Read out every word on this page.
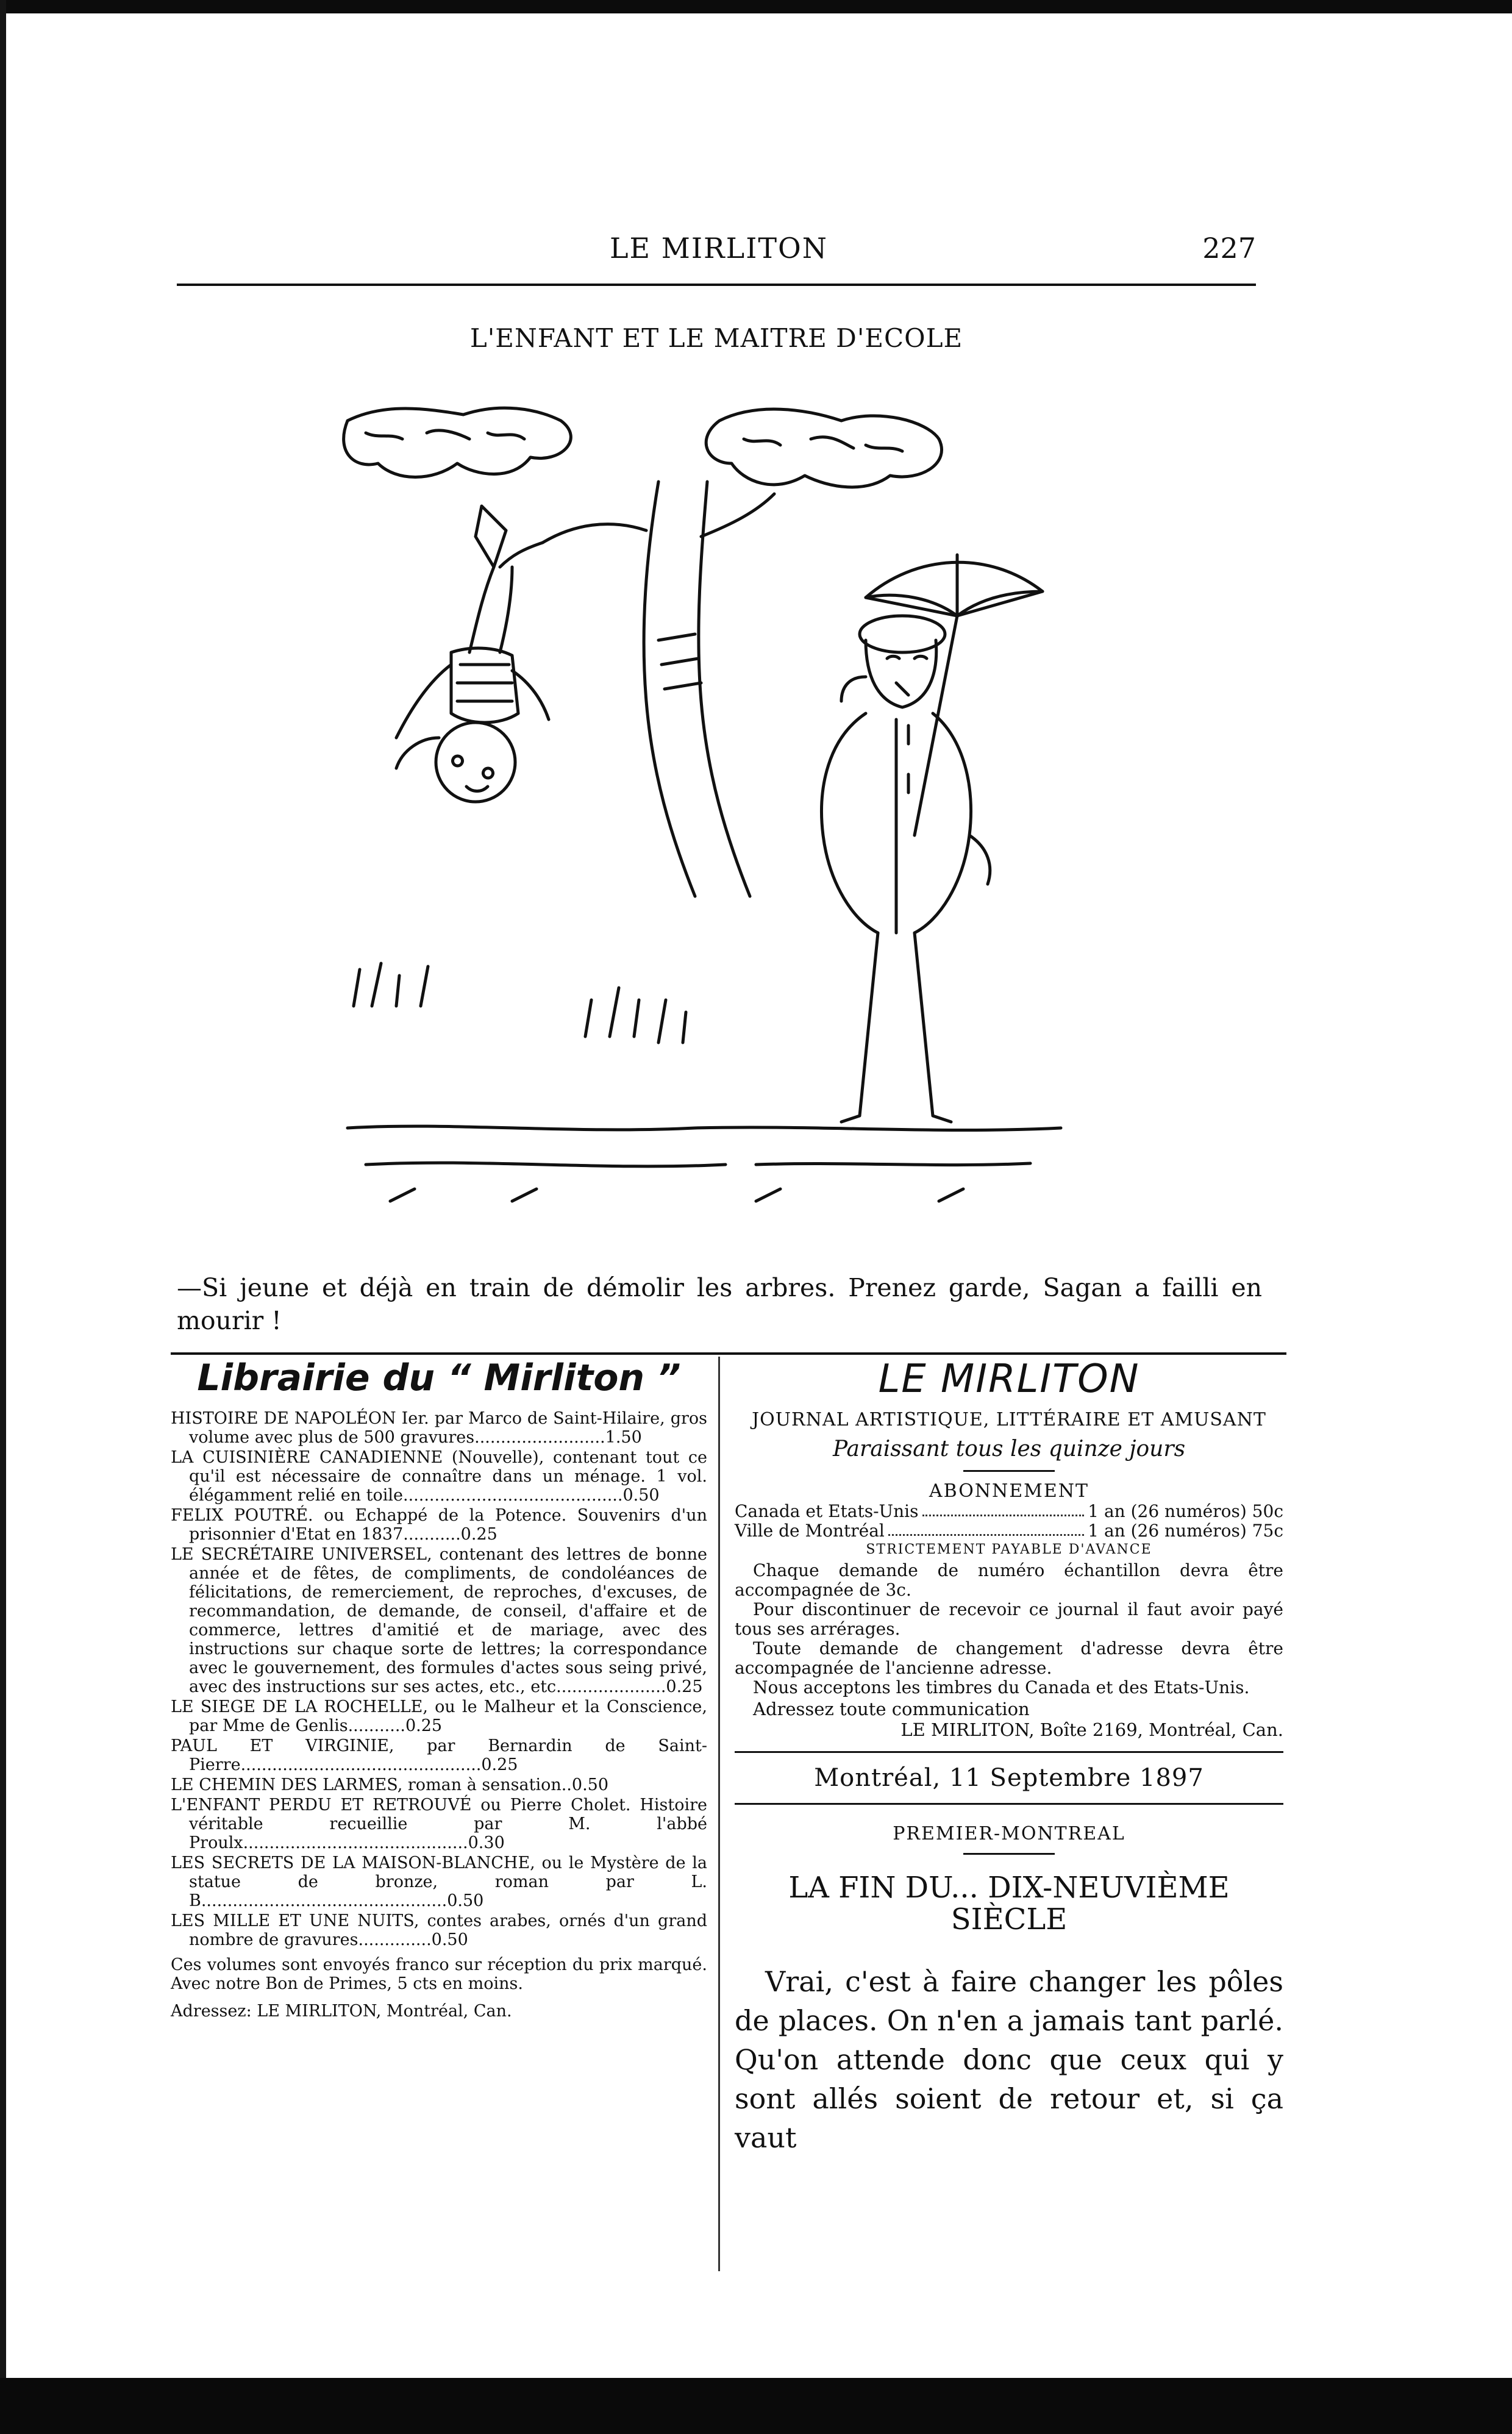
LE MIRLITON	227
L'ENFANT ET LE MAITRE D'ECOLE
—Si jeune et déjà en train de démolir les arbres. Prenez garde, Sagan a failli en mourir !
Librairie du “ Mirliton ”
HISTOIRE DE NAPOLÉON Ier. par Marco de Saint-Hilaire, gros volume avec plus de 500 gravures.........................1.50
LA CUISINIÈRE CANADIENNE (Nouvelle), contenant tout ce qu'il est nécessaire de connaître dans un ménage. 1 vol. élégamment relié en toile..........................................0.50
FELIX POUTRÉ. ou Echappé de la Potence. Souvenirs d'un prisonnier d'Etat en 1837...........0.25
LE SECRÉTAIRE UNIVERSEL, contenant des lettres de bonne année et de fêtes, de compliments, de condoléances de félicitations, de remerciement, de reproches, d'excuses, de recommandation, de demande, de conseil, d'affaire et de commerce, lettres d'amitié et de mariage, avec des instructions sur chaque sorte de lettres; la correspondance avec le gouvernement, des formules d'actes sous seing privé, avec des instructions sur ses actes, etc., etc.....................0.25
LE SIEGE DE LA ROCHELLE, ou le Malheur et la Conscience, par Mme de Genlis...........0.25
PAUL ET VIRGINIE, par Bernardin de Saint-Pierre..............................................0.25
LE CHEMIN DES LARMES, roman à sensation..0.50
L'ENFANT PERDU ET RETROUVÉ ou Pierre Cholet. Histoire véritable recueillie par M. l'abbé Proulx...........................................0.30
LES SECRETS DE LA MAISON-BLANCHE, ou le Mystère de la statue de bronze, roman par L. B...............................................0.50
LES MILLE ET UNE NUITS, contes arabes, ornés d'un grand nombre de gravures..............0.50
Ces volumes sont envoyés franco sur réception du prix marqué. Avec notre Bon de Primes, 5 cts en moins.
Adressez: LE MIRLITON, Montréal, Can.
LE MIRLITON
JOURNAL ARTISTIQUE, LITTÉRAIRE ET AMUSANT
Paraissant tous les quinze jours
ABONNEMENT
Canada et Etats-Unis	1 an (26 numéros) 50c
Ville de Montréal	1 an (26 numéros) 75c
STRICTEMENT PAYABLE D'AVANCE

Chaque demande de numéro échantillon devra être accompagnée de 3c.

Pour discontinuer de recevoir ce journal il faut avoir payé tous ses arrérages.

Toute demande de changement d'adresse devra être accompagnée de l'ancienne adresse.

Nous acceptons les timbres du Canada et des Etats-Unis.

Adressez toute communication

LE MIRLITON, Boîte 2169, Montréal, Can.

Montréal, 11 Septembre 1897
PREMIER-MONTREAL
LA FIN DU... DIX-NEUVIÈME SIÈCLE
Vrai, c'est à faire changer les pôles de places. On n'en a jamais tant parlé. Qu'on attende donc que ceux qui y sont allés soient de retour et, si ça vaut
